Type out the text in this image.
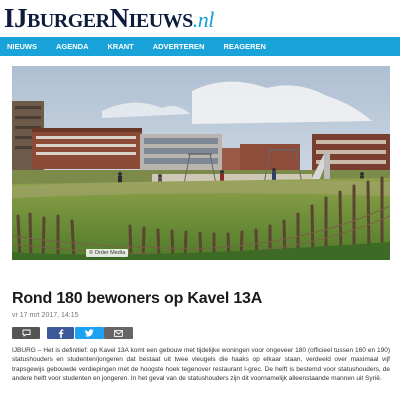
IJBURGERNIEUWS.nl
NIEUWS	AGENDA	KRANT	ADVERTEREN	REAGEREN
© Order Media
Rond 180 bewoners op Kavel 13A
vr 17 mrt 2017, 14:15

IJBURG – Het is definitief: op Kavel 13A komt een gebouw met tijdelijke woningen voor ongeveer 180 (officieel tussen 160 en 190) statushouders en studenten/jongeren dat bestaat uit twee vleugels die haaks op elkaar staan, verdeeld over maximaal vijf trapsgewijs gebouwde verdiepingen met de hoogste hoek tegenover restaurant I-grec. De helft is bestemd voor statushouders, de andere helft voor studenten en jongeren. In het geval van de statushouders zijn dit voornamelijk alleenstaande mannen uit Syrië.
